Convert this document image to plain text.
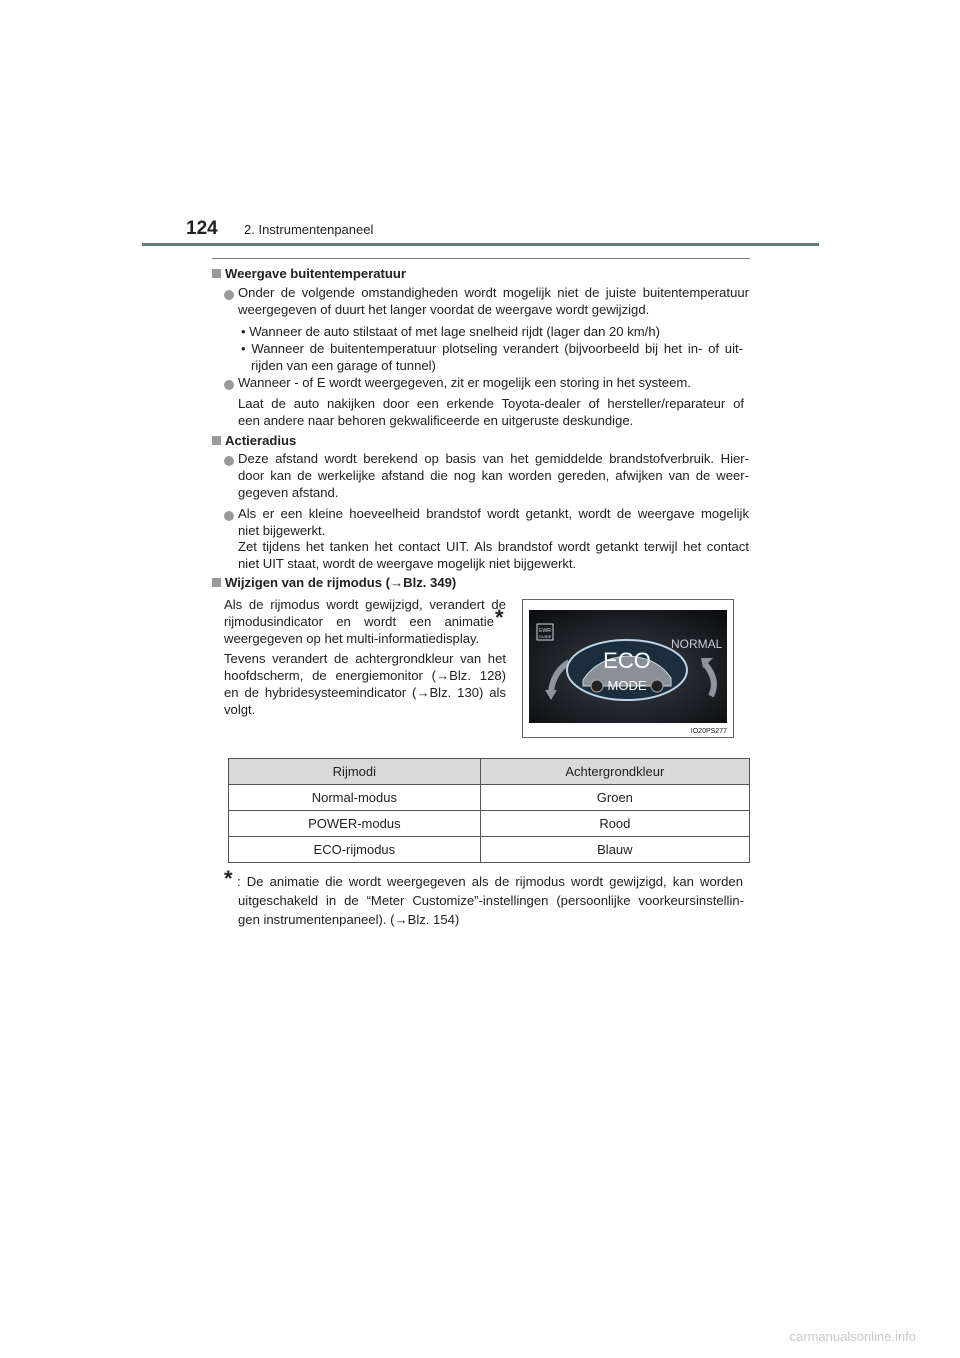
124 2. Instrumentenpaneel
Weergave buitentemperatuur
Onder de volgende omstandigheden wordt mogelijk niet de juiste buitentemperatuur
weergegeven of duurt het langer voordat de weergave wordt gewijzigd.
• Wanneer de auto stilstaat of met lage snelheid rijdt (lager dan 20 km/h)
• Wanneer de buitentemperatuur plotseling verandert (bijvoorbeeld bij het in- of uit-
rijden van een garage of tunnel)
Wanneer - of E wordt weergegeven, zit er mogelijk een storing in het systeem.
Laat de auto nakijken door een erkende Toyota-dealer of hersteller/reparateur of
een andere naar behoren gekwalificeerde en uitgeruste deskundige.
Actieradius
Deze afstand wordt berekend op basis van het gemiddelde brandstofverbruik. Hier-
door kan de werkelijke afstand die nog kan worden gereden, afwijken van de weer-
gegeven afstand.
Als er een kleine hoeveelheid brandstof wordt getankt, wordt de weergave mogelijk
niet bijgewerkt.
Zet tijdens het tanken het contact UIT. Als brandstof wordt getankt terwijl het contact
niet UIT staat, wordt de weergave mogelijk niet bijgewerkt.
Wijzigen van de rijmodus (→Blz. 349)
Als de rijmodus wordt gewijzigd, verandert de

rijmodusindicator en wordt een animatie *
weergegeven op het multi-informatiedisplay.
Tevens verandert de achtergrondkleur van het
hoofdscherm, de energiemonitor (→Blz. 128)
en de hybridesysteemindicator (→Blz. 130) als
volgt.
EWR
GUIDE
NORMAL
ECO
MODE
IO20PS277
Rijmodi	Achtergrondkleur
Normal-modus	Groen
POWER-modus	Rood
ECO-rijmodus	Blauw
* : De animatie die wordt weergegeven als de rijmodus wordt gewijzigd, kan worden
uitgeschakeld in de “Meter Customize”-instellingen (persoonlijke voorkeursinstellin-
gen instrumentenpaneel). (→Blz. 154)
carmanualsonline.info
